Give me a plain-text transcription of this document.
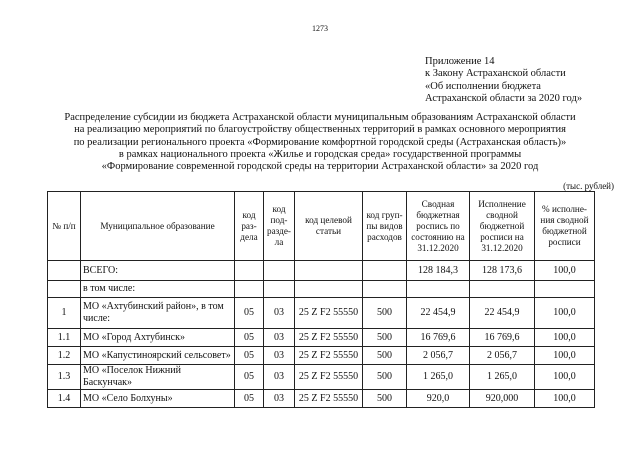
1273
Приложение 14
к Закону Астраханской области
«Об исполнении бюджета
Астраханской области за 2020 год»
Распределение субсидии из бюджета Астраханской области муниципальным образованиям Астраханской области
на реализацию мероприятий по благоустройству общественных территорий в рамках основного мероприятия
по реализации регионального проекта «Формирование комфортной городской среды (Астраханская область)»
в рамках национального проекта «Жилье и городская среда» государственной программы
«Формирование современной городской среды на территории Астраханской области» за 2020 год
(тыс. рублей)
№ п/п	Муниципальное образование	код раз-дела	код под-разде-ла	код целевой статьи	код груп-пы видов расходов	Сводная бюджетная роспись по состоянию на 31.12.2020	Исполнение сводной бюджетной росписи на 31.12.2020	% исполне-ния сводной бюджетной росписи
	ВСЕГО:					128 184,3	128 173,6	100,0
	в том числе:							
1	МО «Ахтубинский район», в том числе:	05	03	25 Z F2 55550	500	22 454,9	22 454,9	100,0
1.1	МО «Город Ахтубинск»	05	03	25 Z F2 55550	500	16 769,6	16 769,6	100,0
1.2	МО «Капустиноярский сельсовет»	05	03	25 Z F2 55550	500	2 056,7	2 056,7	100,0
1.3	МО «Поселок Нижний Баскунчак»	05	03	25 Z F2 55550	500	1 265,0	1 265,0	100,0
1.4	МО «Село Болхуны»	05	03	25 Z F2 55550	500	920,0	920,000	100,0
